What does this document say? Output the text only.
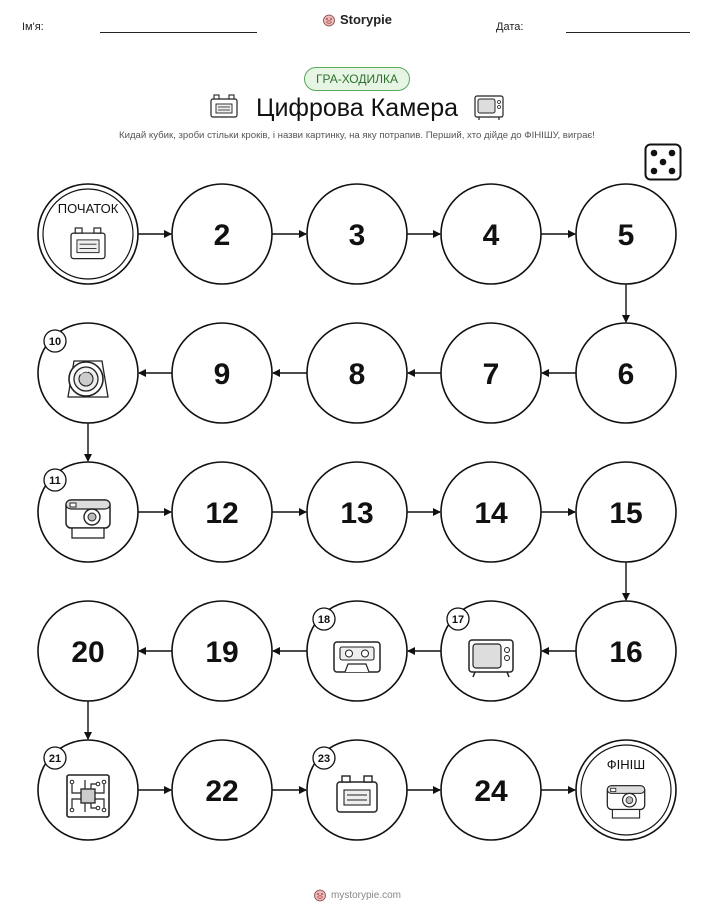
Ім'я:	Storypie	Дата:
ГРА-ХОДИЛКА
Цифрова Камера
Кидай кубик, зроби стільки кроків, і назви картинку, на яку потрапив. Перший, хто дійде до ФІНІШУ, виграє!
ПОЧАТОК
2	3	4	5
6
7
8
9
10
11
12	13	14	15
16
17
18
19
20
21
22
23
24
ФІНІШ
mystorypie.com
